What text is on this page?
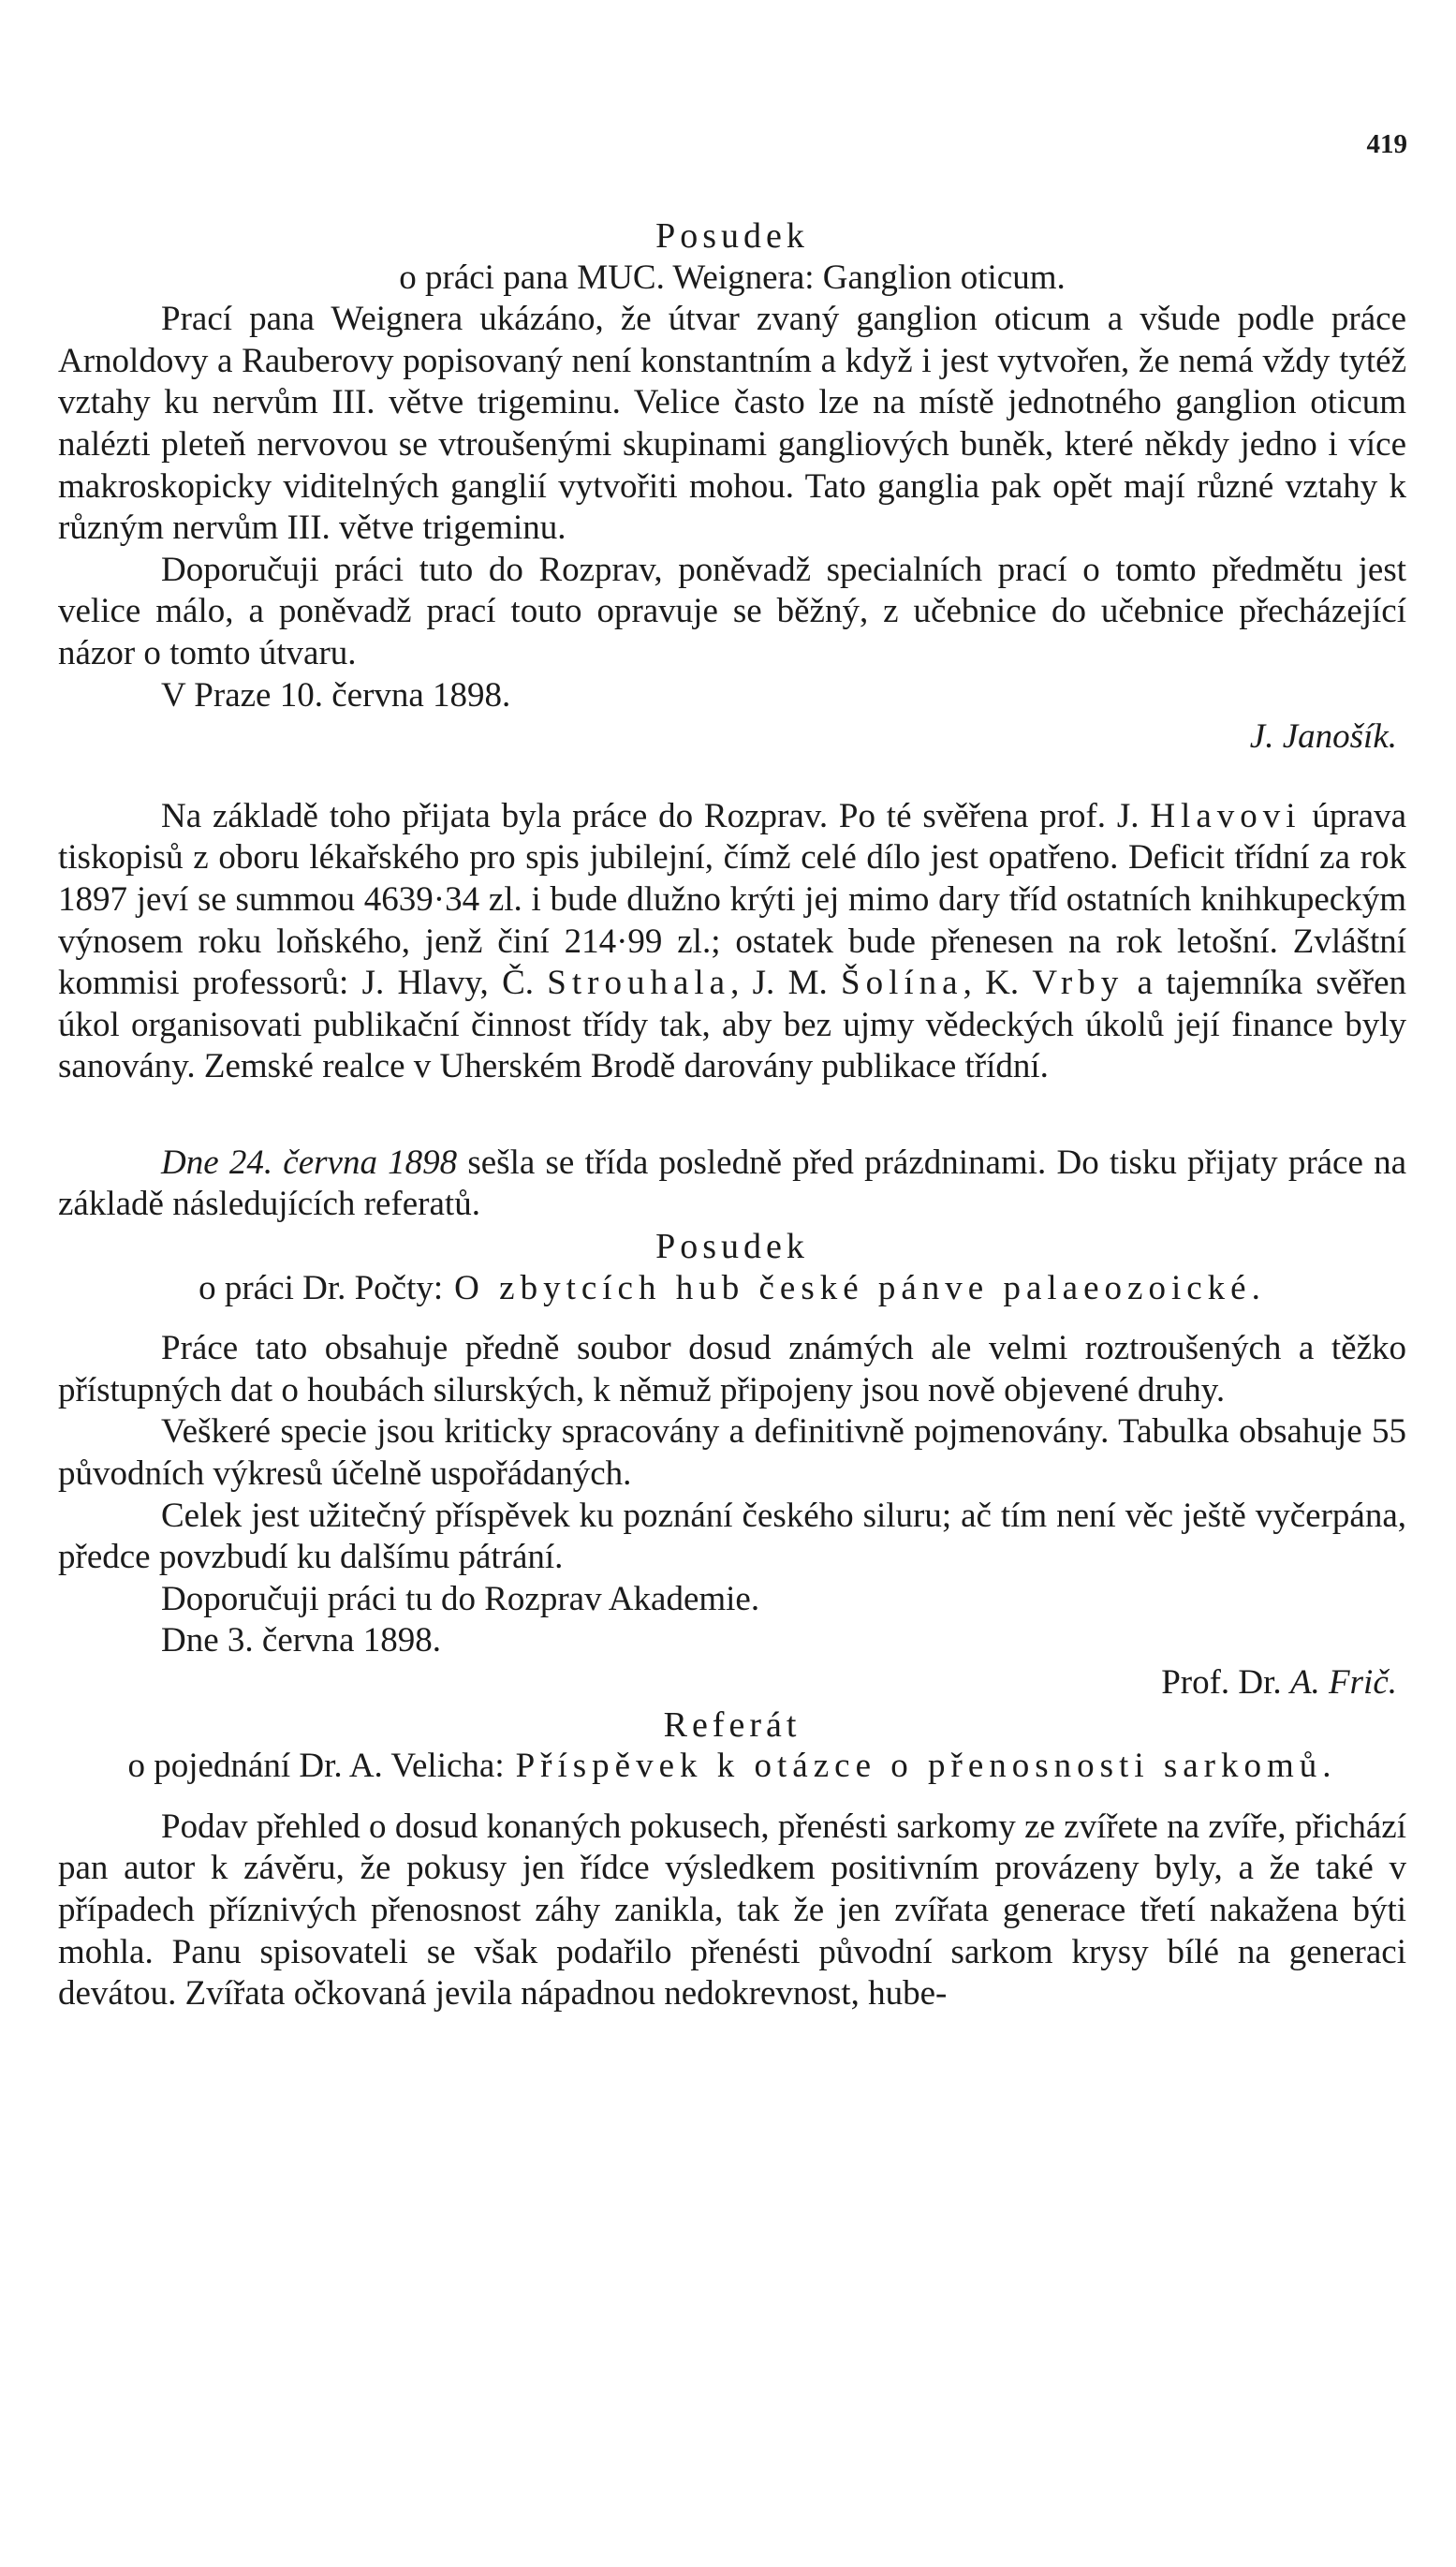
419

Posudek

o práci pana MUC. Weignera: Ganglion oticum.

Prací pana Weignera ukázáno, že útvar zvaný ganglion oticum a všude podle práce Arnoldovy a Rauberovy popisovaný není konstantním a když i jest vytvořen, že nemá vždy tytéž vztahy ku nervům III. větve trigeminu. Velice často lze na místě jednotného ganglion oticum nalézti pleteň nervovou se vtroušenými skupinami gangliových buněk, které někdy jedno i více makroskopicky viditelných ganglií vytvořiti mohou. Tato ganglia pak opět mají různé vztahy k různým nervům III. větve trigeminu.

Doporučuji práci tuto do Rozprav, poněvadž specialních prací o tomto předmětu jest velice málo, a poněvadž prací touto opravuje se běžný, z učebnice do učebnice přecházející názor o tomto útvaru.

V Praze 10. června 1898.

J. Janošík.

Na základě toho přijata byla práce do Rozprav. Po té svěřena prof. J. Hlavovi úprava tiskopisů z oboru lékařského pro spis jubilejní, čímž celé dílo jest opatřeno. Deficit třídní za rok 1897 jeví se summou 4639·34 zl. i bude dlužno krýti jej mimo dary tříd ostatních knihkupeckým výnosem roku loňského, jenž činí 214·99 zl.; ostatek bude přenesen na rok letošní. Zvláštní kommisi professorů: J. Hlavy, Č. Strouhala, J. M. Šolína, K. Vrby a tajemníka svěřen úkol organisovati publikační činnost třídy tak, aby bez ujmy vědeckých úkolů její finance byly sanovány. Zemské realce v Uherském Brodě darovány publikace třídní.

Dne 24. června 1898 sešla se třída posledně před prázdninami. Do tisku přijaty práce na základě následujících referatů.

Posudek

o práci Dr. Počty: O zbytcích hub české pánve palaeozoické.

Práce tato obsahuje předně soubor dosud známých ale velmi roztroušených a těžko přístupných dat o houbách silurských, k němuž připojeny jsou nově objevené druhy.

Veškeré specie jsou kriticky spracovány a definitivně pojmenovány. Tabulka obsahuje 55 původních výkresů účelně uspořádaných.

Celek jest užitečný příspěvek ku poznání českého siluru; ač tím není věc ještě vyčerpána, předce povzbudí ku dalšímu pátrání.

Doporučuji práci tu do Rozprav Akademie.

Dne 3. června 1898.

Prof. Dr. A. Frič.

Referát

o pojednání Dr. A. Velicha: Příspěvek k otázce o přenosnosti sarkomů.

Podav přehled o dosud konaných pokusech, přenésti sarkomy ze zvířete na zvíře, přichází pan autor k závěru, že pokusy jen řídce výsledkem positivním provázeny byly, a že také v případech příznivých přenosnost záhy zanikla, tak že jen zvířata generace třetí nakažena býti mohla. Panu spisovateli se však podařilo přenésti původní sarkom krysy bílé na generaci devátou. Zvířata očkovaná jevila nápadnou nedokrevnost, hube-
